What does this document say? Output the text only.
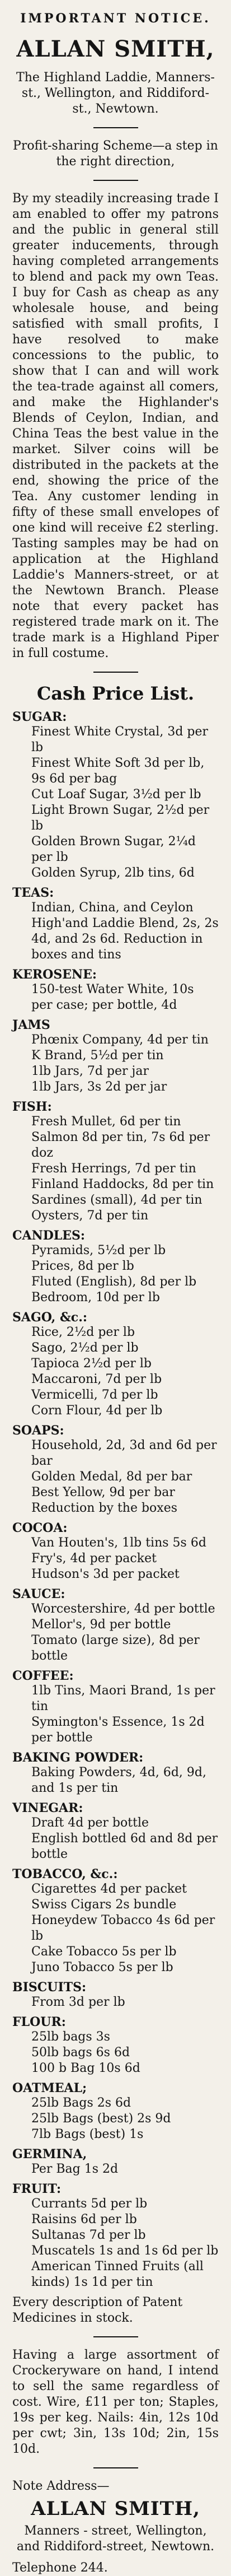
IMPORTANT NOTICE.
ALLAN SMITH,
The Highland Laddie, Manners-st., Wellington, and Riddiford-st., Newtown.
Profit-sharing Scheme—a step in the right direction,
By my steadily increasing trade I am enabled to offer my patrons and the public in general still greater inducements, through having completed arrangements to blend and pack my own Teas. I buy for Cash as cheap as any wholesale house, and being satisfied with small profits, I have resolved to make concessions to the public, to show that I can and will work the tea-trade against all comers, and make the Highlander's Blends of Ceylon, Indian, and China Teas the best value in the market. Silver coins will be distributed in the packets at the end, showing the price of the Tea. Any customer lending in fifty of these small envelopes of one kind will receive £2 sterling. Tasting samples may be had on application at the Highland Laddie's Manners-street, or at the Newtown Branch. Please note that every packet has registered trade mark on it. The trade mark is a Highland Piper in full costume.
Cash Price List.
SUGAR:
Finest White Crystal, 3d per lb
Finest White Soft 3d per lb, 9s 6d per bag
Cut Loaf Sugar, 3½d per lb
Light Brown Sugar, 2½d per lb
Golden Brown Sugar, 2¼d per lb
Golden Syrup, 2lb tins, 6d
TEAS:
Indian, China, and Ceylon
High'and Laddie Blend, 2s, 2s 4d, and 2s 6d. Reduction in boxes and tins
KEROSENE:
150-test Water White, 10s per case; per bottle, 4d
JAMS
Phœnix Company, 4d per tin
K Brand, 5½d per tin
1lb Jars, 7d per jar
1lb Jars, 3s 2d per jar
FISH:
Fresh Mullet, 6d per tin
Salmon 8d per tin, 7s 6d per doz
Fresh Herrings, 7d per tin
Finland Haddocks, 8d per tin
Sardines (small), 4d per tin
Oysters, 7d per tin
CANDLES:
Pyramids, 5½d per lb
Prices, 8d per lb
Fluted (English), 8d per lb
Bedroom, 10d per lb
SAGO, &c.:
Rice, 2½d per lb
Sago, 2½d per lb
Tapioca 2½d per lb
Maccaroni, 7d per lb
Vermicelli, 7d per lb
Corn Flour, 4d per lb
SOAPS:
Household, 2d, 3d and 6d per bar
Golden Medal, 8d per bar
Best Yellow, 9d per bar
Reduction by the boxes
COCOA:
Van Houten's, 1lb tins 5s 6d
Fry's, 4d per packet
Hudson's 3d per packet
SAUCE:
Worcestershire, 4d per bottle
Mellor's, 9d per bottle
Tomato (large size), 8d per bottle
COFFEE:
1lb Tins, Maori Brand, 1s per tin
Symington's Essence, 1s 2d per bottle
BAKING POWDER:
Baking Powders, 4d, 6d, 9d, and 1s per tin
VINEGAR:
Draft 4d per bottle
English bottled 6d and 8d per bottle
TOBACCO, &c.:
Cigarettes 4d per packet
Swiss Cigars 2s bundle
Honeydew Tobacco 4s 6d per lb
Cake Tobacco 5s per lb
Juno Tobacco 5s per lb
BISCUITS:
From 3d per lb
FLOUR:
25lb bags 3s
50lb bags 6s 6d
100 b Bag 10s 6d
OATMEAL;
25lb Bags 2s 6d
25lb Bags (best) 2s 9d
7lb Bags (best) 1s
GERMINA,
Per Bag 1s 2d
FRUIT:
Currants 5d per lb
Raisins 6d per lb
Sultanas 7d per lb
Muscatels 1s and 1s 6d per lb
American Tinned Fruits (all kinds) 1s 1d per tin
Every description of Patent Medicines in stock.
Having a large assortment of Crockeryware on hand, I intend to sell the same regardless of cost. Wire, £11 per ton; Staples, 19s per keg. Nails: 4in, 12s 10d per cwt; 3in, 13s 10d; 2in, 15s 10d.
Note Address—
ALLAN SMITH,
Manners - street, Wellington, and Riddiford-street, Newtown.
Telephone 244.
